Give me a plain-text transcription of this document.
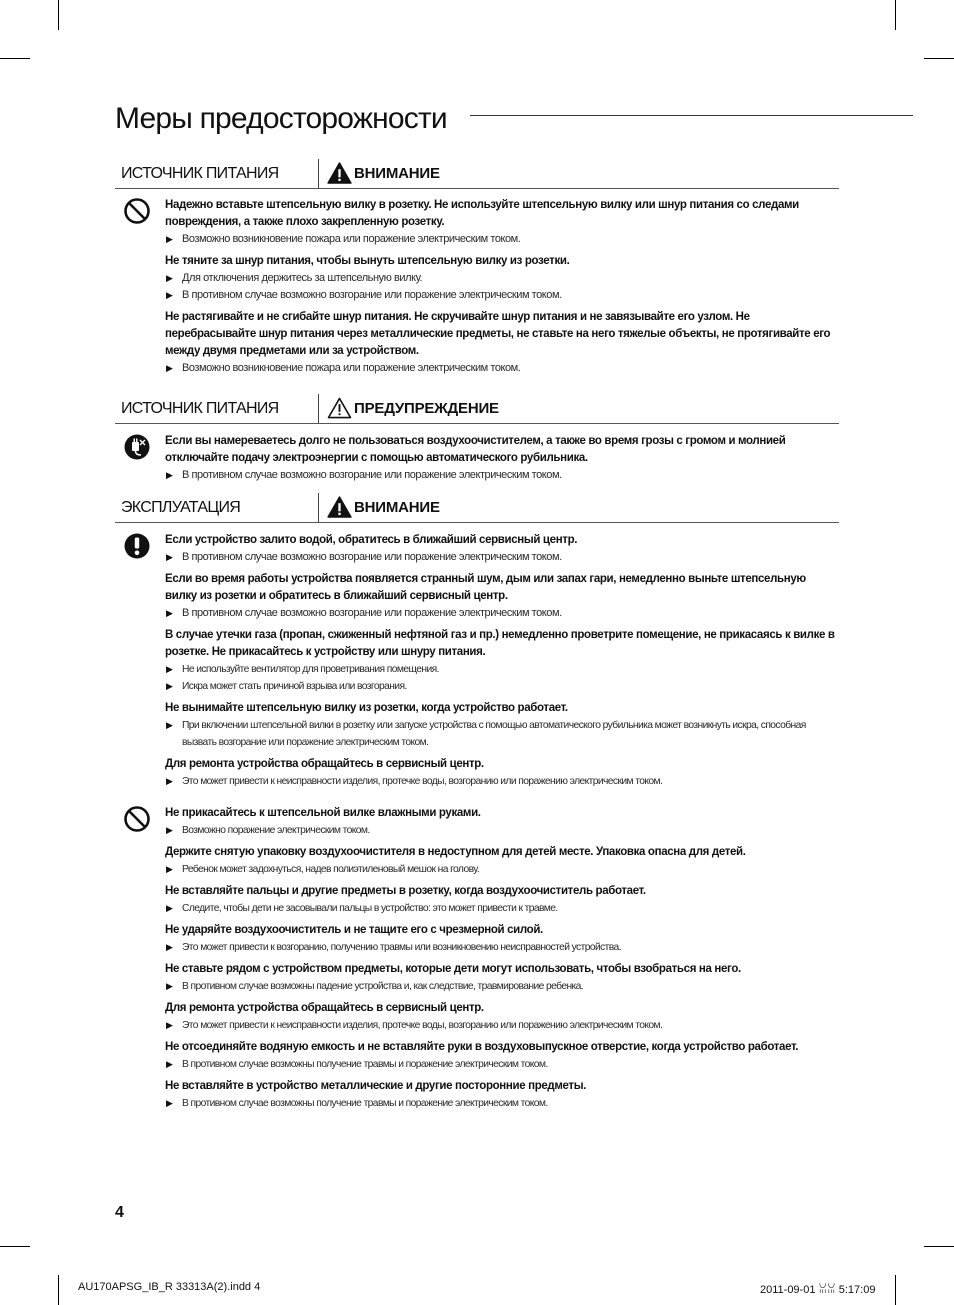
Меры предосторожности
ИСТОЧНИК ПИТАНИЯ	ВНИМАНИЕ
Надежно вставьте штепсельную вилку в розетку. Не используйте штепсельную вилку или шнур питания со следами повреждения, а также плохо закрепленную розетку.
▶ Возможно возникновение пожара или поражение электрическим током.
Не тяните за шнур питания, чтобы вынуть штепсельную вилку из розетки.
▶ Для отключения держитесь за штепсельную вилку.
▶ В противном случае возможно возгорание или поражение электрическим током.
Не растягивайте и не сгибайте шнур питания. Не скручивайте шнур питания и не завязывайте его узлом. Не перебрасывайте шнур питания через металлические предметы, не ставьте на него тяжелые объекты, не протягивайте его между двумя предметами или за устройством.
▶ Возможно возникновение пожара или поражение электрическим током.
ИСТОЧНИК ПИТАНИЯ	ПРЕДУПРЕЖДЕНИЕ
Если вы намереваетесь долго не пользоваться воздухоочистителем, а также во время грозы с громом и молнией отключайте подачу электроэнергии с помощью автоматического рубильника.
▶ В противном случае возможно возгорание или поражение электрическим током.
ЭКСПЛУАТАЦИЯ	ВНИМАНИЕ
Если устройство залито водой, обратитесь в ближайший сервисный центр.
▶ В противном случае возможно возгорание или поражение электрическим током.
Если во время работы устройства появляется странный шум, дым или запах гари, немедленно выньте штепсельную вилку из розетки и обратитесь в ближайший сервисный центр.
▶ В противном случае возможно возгорание или поражение электрическим током.
В случае утечки газа (пропан, сжиженный нефтяной газ и пр.) немедленно проветрите помещение, не прикасаясь к вилке в розетке. Не прикасайтесь к устройству или шнуру питания.
▶ Не используйте вентилятор для проветривания помещения.
▶ Искра может стать причиной взрыва или возгорания.
Не вынимайте штепсельную вилку из розетки, когда устройство работает.
▶ При включении штепсельной вилки в розетку или запуске устройства с помощью автоматического рубильника может возникнуть искра, способная вызвать возгорание или поражение электрическим током.
Для ремонта устройства обращайтесь в сервисный центр.
▶ Это может привести к неисправности изделия, протечке воды, возгоранию или поражению электрическим током.
Не прикасайтесь к штепсельной вилке влажными руками.
▶ Возможно поражение электрическим током.
Держите снятую упаковку воздухоочистителя в недоступном для детей месте. Упаковка опасна для детей.
▶ Ребенок может задохнуться, надев полиэтиленовый мешок на голову.
Не вставляйте пальцы и другие предметы в розетку, когда воздухоочиститель работает.
▶ Следите, чтобы дети не засовывали пальцы в устройство: это может привести к травме.
Не ударяйте воздухоочиститель и не тащите его с чрезмерной силой.
▶ Это может привести к возгоранию, получению травмы или возникновению неисправностей устройства.
Не ставьте рядом с устройством предметы, которые дети могут использовать, чтобы взобраться на него.
▶ В противном случае возможны падение устройства и, как следствие, травмирование ребенка.
Для ремонта устройства обращайтесь в сервисный центр.
▶ Это может привести к неисправности изделия, протечке воды, возгоранию или поражению электрическим током.
Не отсоединяйте водяную емкость и не вставляйте руки в воздуховыпускное отверстие, когда устройство работает.
▶ В противном случае возможны получение травмы и поражение электрическим током.
Не вставляйте в устройство металлические и другие посторонние предметы.
▶ В противном случае возможны получение травмы и поражение электрическим током.
4
AU170APSG_IB_R 33313A(2).indd 4	2011-09-01 ꈍꈍ 5:17:09
